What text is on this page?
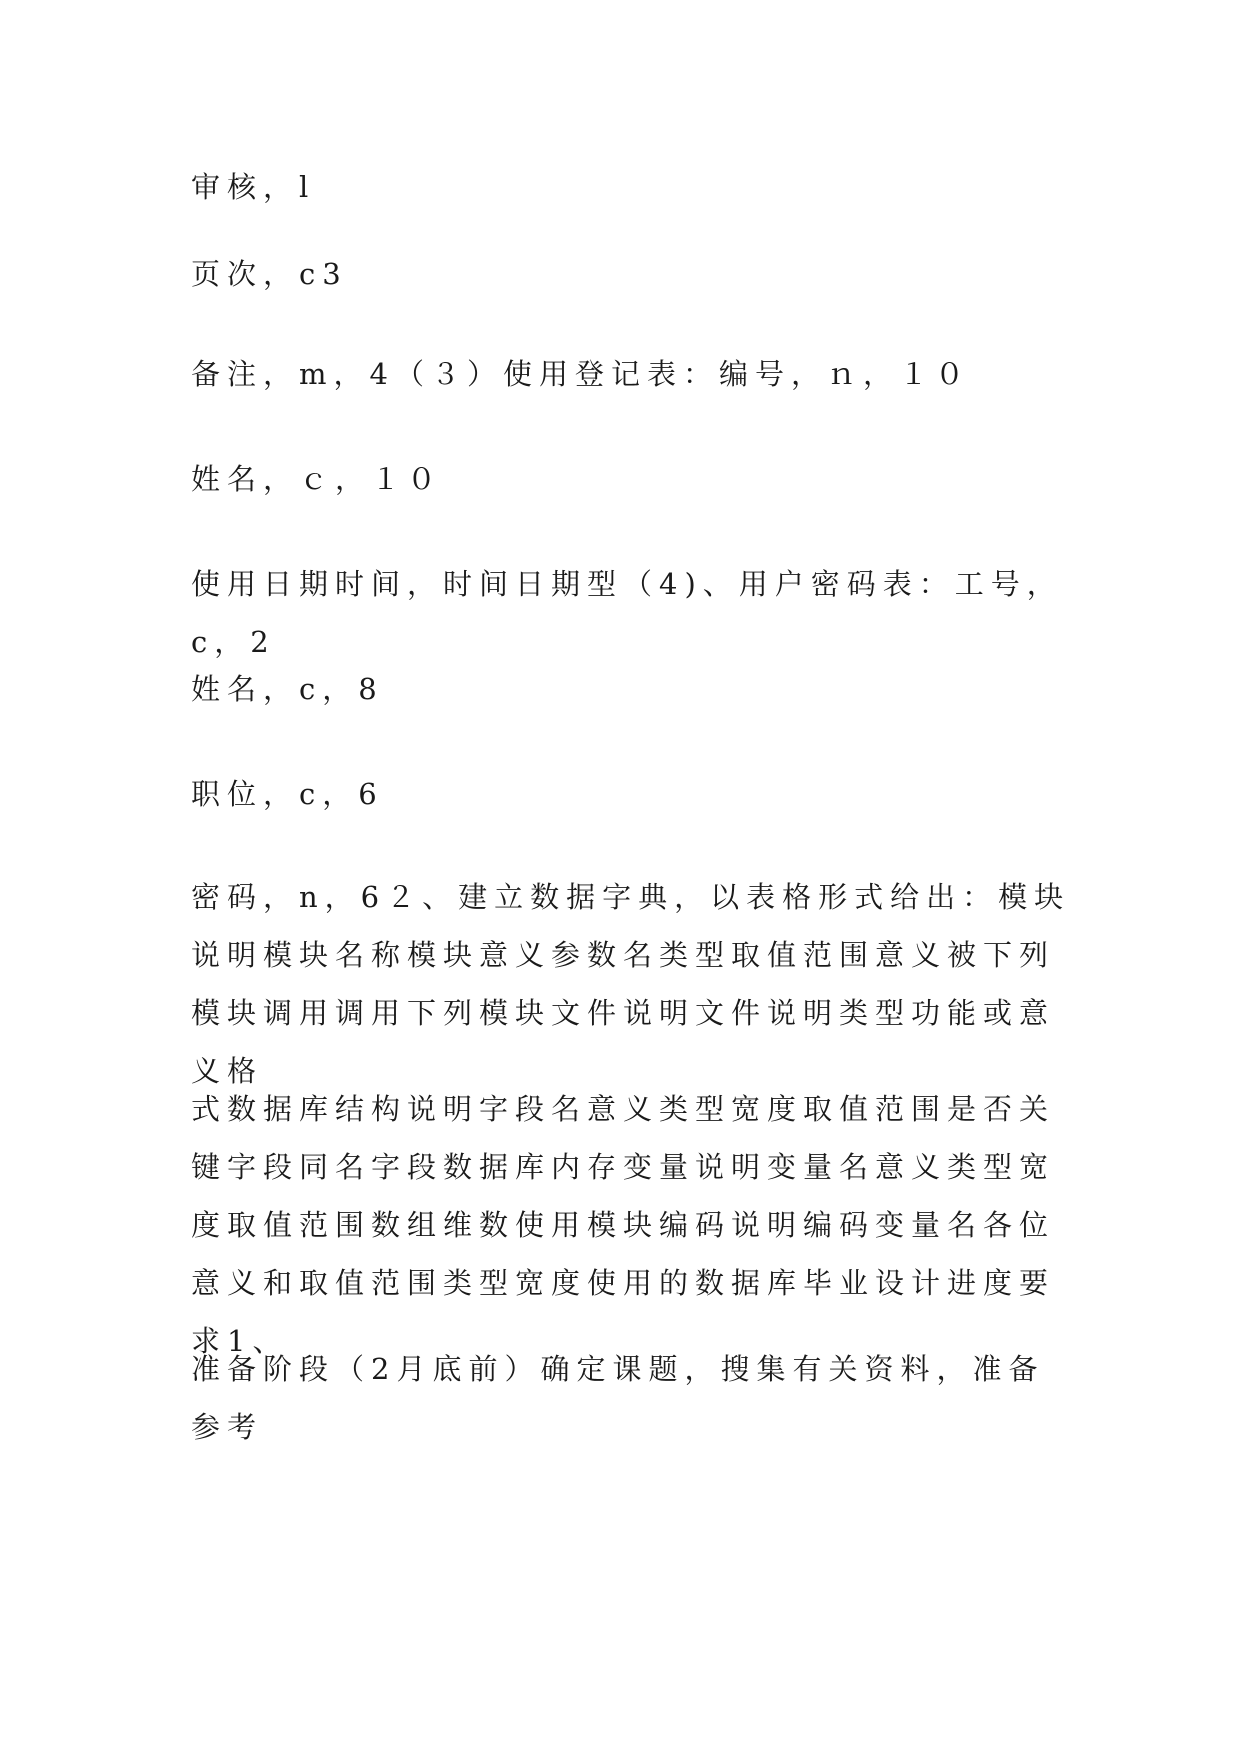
审核，l

页次，c3

备注，m，4（３）使用登记表：编号，ｎ，１０

姓名，ｃ，１０

使用日期时间，时间日期型（4)、用户密码表：工号，c，2

姓名，c，8

职位，c，6

密码，n，6２、建立数据字典，以表格形式给出：模块说明模块名称模块意义参数名类型取值范围意义被下列模块调用调用下列模块文件说明文件说明类型功能或意义格

式数据库结构说明字段名意义类型宽度取值范围是否关键字段同名字段数据库内存变量说明变量名意义类型宽度取值范围数组维数使用模块编码说明编码变量名各位意义和取值范围类型宽度使用的数据库毕业设计进度要求1、

准备阶段（2月底前）确定课题，搜集有关资料，准备参考
